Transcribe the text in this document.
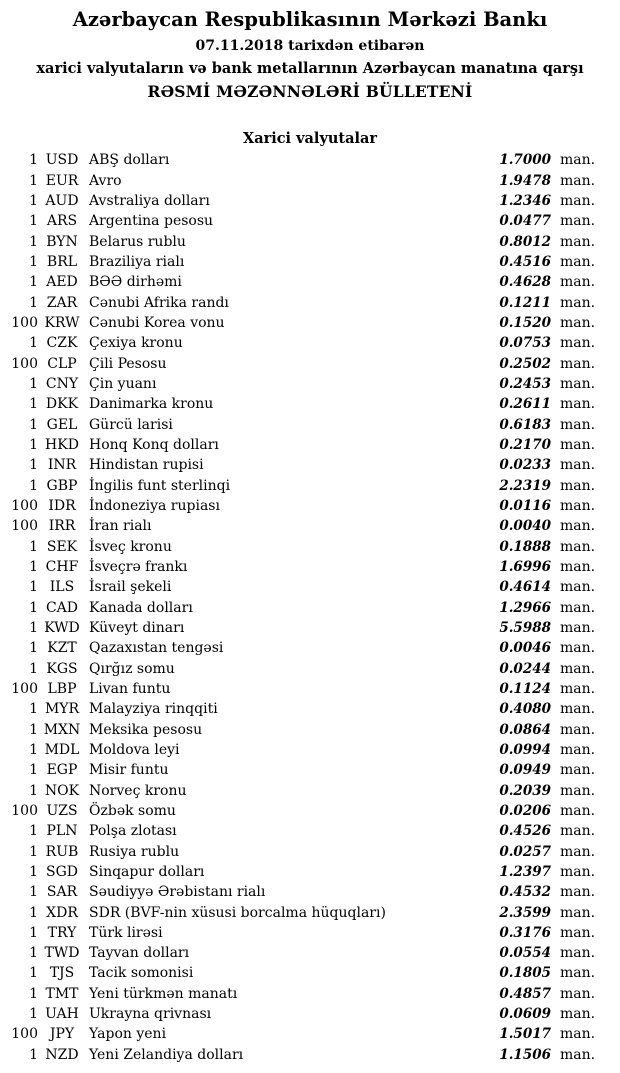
Azərbaycan Respublikasının Mərkəzi Bankı
07.11.2018 tarixdən etibarən
xarici valyutaların və bank metallarının Azərbaycan manatına qarşı
RƏSMİ MƏZƏNNƏLƏRİ BÜLLETENİ
Xarici valyutalar
1 USD ABŞ dolları	1.7000 man.
1 EUR Avro	1.9478 man.
1 AUD Avstraliya dolları	1.2346 man.
1 ARS Argentina pesosu	0.0477 man.
1 BYN Belarus rublu	0.8012 man.
1 BRL Braziliya rialı	0.4516 man.
1 AED BƏƏ dirhəmi	0.4628 man.
1 ZAR Cənubi Afrika randı	0.1211 man.
100 KRW Cənubi Korea vonu	0.1520 man.
1 CZK Çexiya kronu	0.0753 man.
100 CLP Çili Pesosu	0.2502 man.
1 CNY Çin yuanı	0.2453 man.
1 DKK Danimarka kronu	0.2611 man.
1 GEL Gürcü larisi	0.6183 man.
1 HKD Honq Konq dolları	0.2170 man.
1 INR Hindistan rupisi	0.0233 man.
1 GBP İngilis funt sterlinqi	2.2319 man.
100 IDR İndoneziya rupiası	0.0116 man.
100 IRR İran rialı	0.0040 man.
1 SEK İsveç kronu	0.1888 man.
1 CHF İsveçrə frankı	1.6996 man.
1 ILS	İsrail şekeli	0.4614 man.
1 CAD Kanada dolları	1.2966 man.
1 KWD Küveyt dinarı	5.5988 man.
1 KZT Qazaxıstan tengəsi	0.0046 man.
1 KGS Qırğız somu	0.0244 man.
100 LBP Livan funtu	0.1124 man.
1 MYR Malayziya rinqqiti	0.4080 man.
1 MXN Meksika pesosu	0.0864 man.
1 MDL Moldova leyi	0.0994 man.
1 EGP Misir funtu	0.0949 man.
1 NOK Norveç kronu	0.2039 man.
100 UZS Özbək somu	0.0206 man.
1 PLN Polşa zlotası	0.4526 man.
1 RUB Rusiya rublu	0.0257 man.
1 SGD Sinqapur dolları	1.2397 man.
1 SAR Səudiyyə Ərəbistanı rialı	0.4532 man.
1 XDR SDR (BVF-nin xüsusi borcalma hüquqları)	2.3599 man.
1 TRY Türk lirəsi	0.3176 man.
1 TWD Tayvan dolları	0.0554 man.
1 TJS	Tacik somonisi	0.1805 man.
1 TMT Yeni türkmən manatı	0.4857 man.
1 UAH Ukrayna qrivnası	0.0609 man.
100 JPY	Yapon yeni	1.5017 man.
1 NZD Yeni Zelandiya dolları	1.1506 man.
